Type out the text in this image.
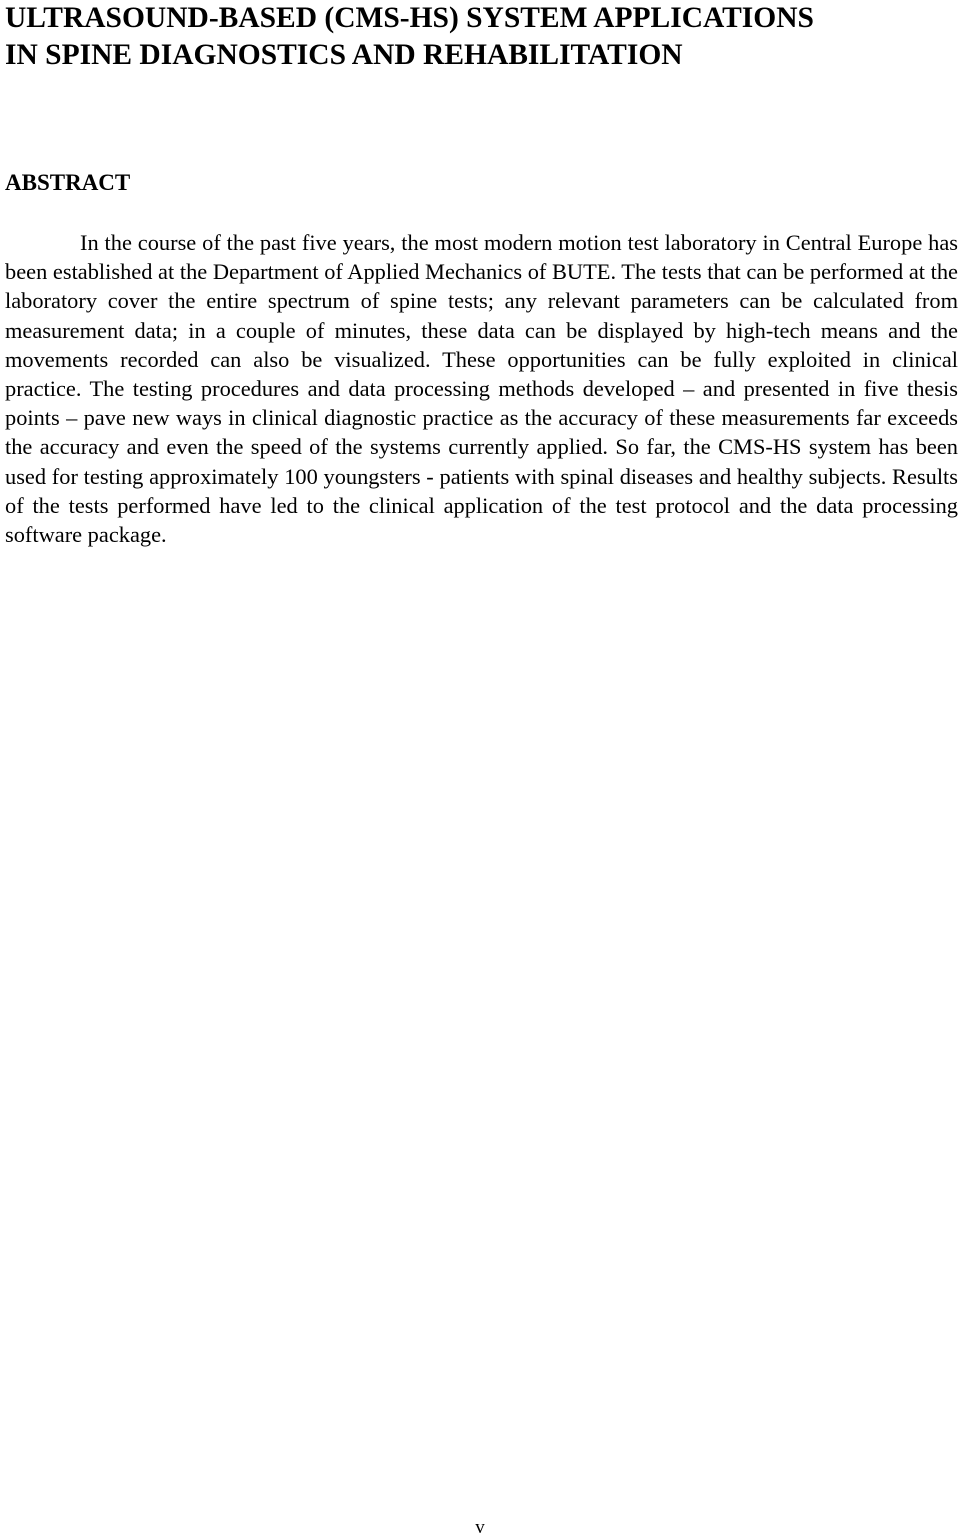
ULTRASOUND-BASED (CMS-HS) SYSTEM APPLICATIONS
IN SPINE DIAGNOSTICS AND REHABILITATION
ABSTRACT

In the course of the past five years, the most modern motion test laboratory in Central Europe has been established at the Department of Applied Mechanics of BUTE. The tests that can be performed at the laboratory cover the entire spectrum of spine tests; any relevant parameters can be calculated from measurement data; in a couple of minutes, these data can be displayed by high-tech means and the movements recorded can also be visualized. These opportunities can be fully exploited in clinical practice. The testing procedures and data processing methods developed – and presented in five thesis points – pave new ways in clinical diagnostic practice as the accuracy of these measurements far exceeds the accuracy and even the speed of the systems currently applied. So far, the CMS-HS system has been used for testing approximately 100 youngsters - patients with spinal diseases and healthy subjects. Results of the tests performed have led to the clinical application of the test protocol and the data processing software package.

v
